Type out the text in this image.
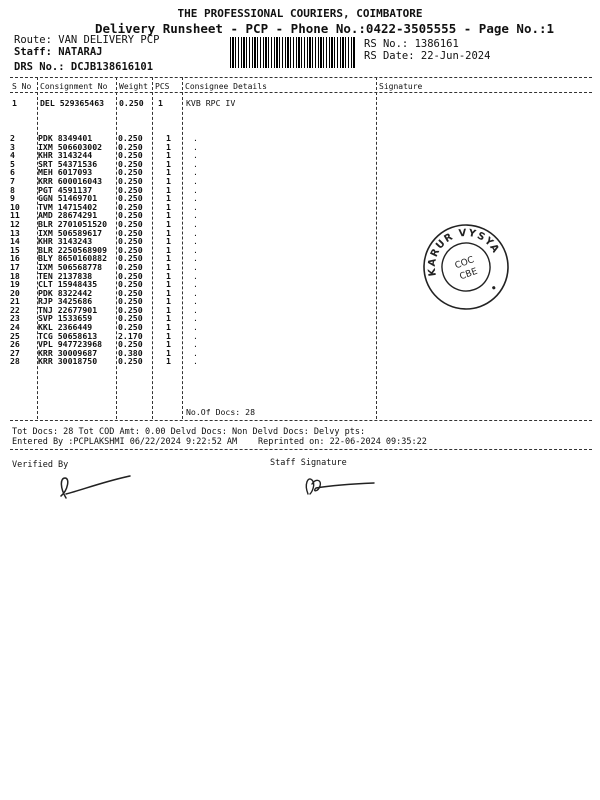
THE PROFESSIONAL COURIERS, COIMBATORE
Delivery Runsheet - PCP - Phone No.:0422-3505555 - Page No.:1
Route: VAN DELIVERY PCP
Staff: NATARAJ
DRS No.: DCJB138616101
RS No.: 1386161
RS Date: 22-Jun-2024
S No Consignment No Weight PCS Consignee Details	Signature
1	DEL 529365463 0.250 1	KVB RPC IV
2	PDK 8349401	0.250	1	.
3	IXM 506603002	0.250	1	.
4	KHR 3143244	0.250	1	.
5	SRT 54371536	0.250	1	.
6	MEH 6017093	0.250	1	.
7	KRR 600016043	0.250	1	.
8	PGT 4591137	0.250	1	.
9	GGN 51469701	0.250	1	.
10	TVM 14715402	0.250	1	.
11	AMD 28674291	0.250	1	.
12	BLR 2701051520	0.250	1	.
13	IXM 506589617	0.250	1	.
14	KHR 3143243	0.250	1	.
15	BLR 2250568909	0.250	1	.
16	BLY 8650160882	0.250	1	.
17	IXM 506568778	0.250	1	.
18	TEN 2137838	0.250	1	.
19	CLT 15948435	0.250	1	.
20	PDK 8322442	0.250	1	.
21	RJP 3425686	0.250	1	.
22	TNJ 22677901	0.250	1	.
23	SVP 1533659	0.250	1	.
24	KKL 2366449	0.250	1	.
25	TCG 50658613	2.170	1	.
26	VPL 947723968	0.250	1	.
27	KRR 30009687	0.380	1	.
28	KRR 30018750	0.250	1	.
No.Of Docs: 28
KARUR VYSYA
COC
CBE
Tot Docs: 28 Tot COD Amt: 0.00 Delvd Docs: Non Delvd Docs: Delvy pts:
Entered By :PCPLAKSHMI 06/22/2024 9:22:52 AM Reprinted on: 22-06-2024 09:35:22
Verified By	Staff Signature
